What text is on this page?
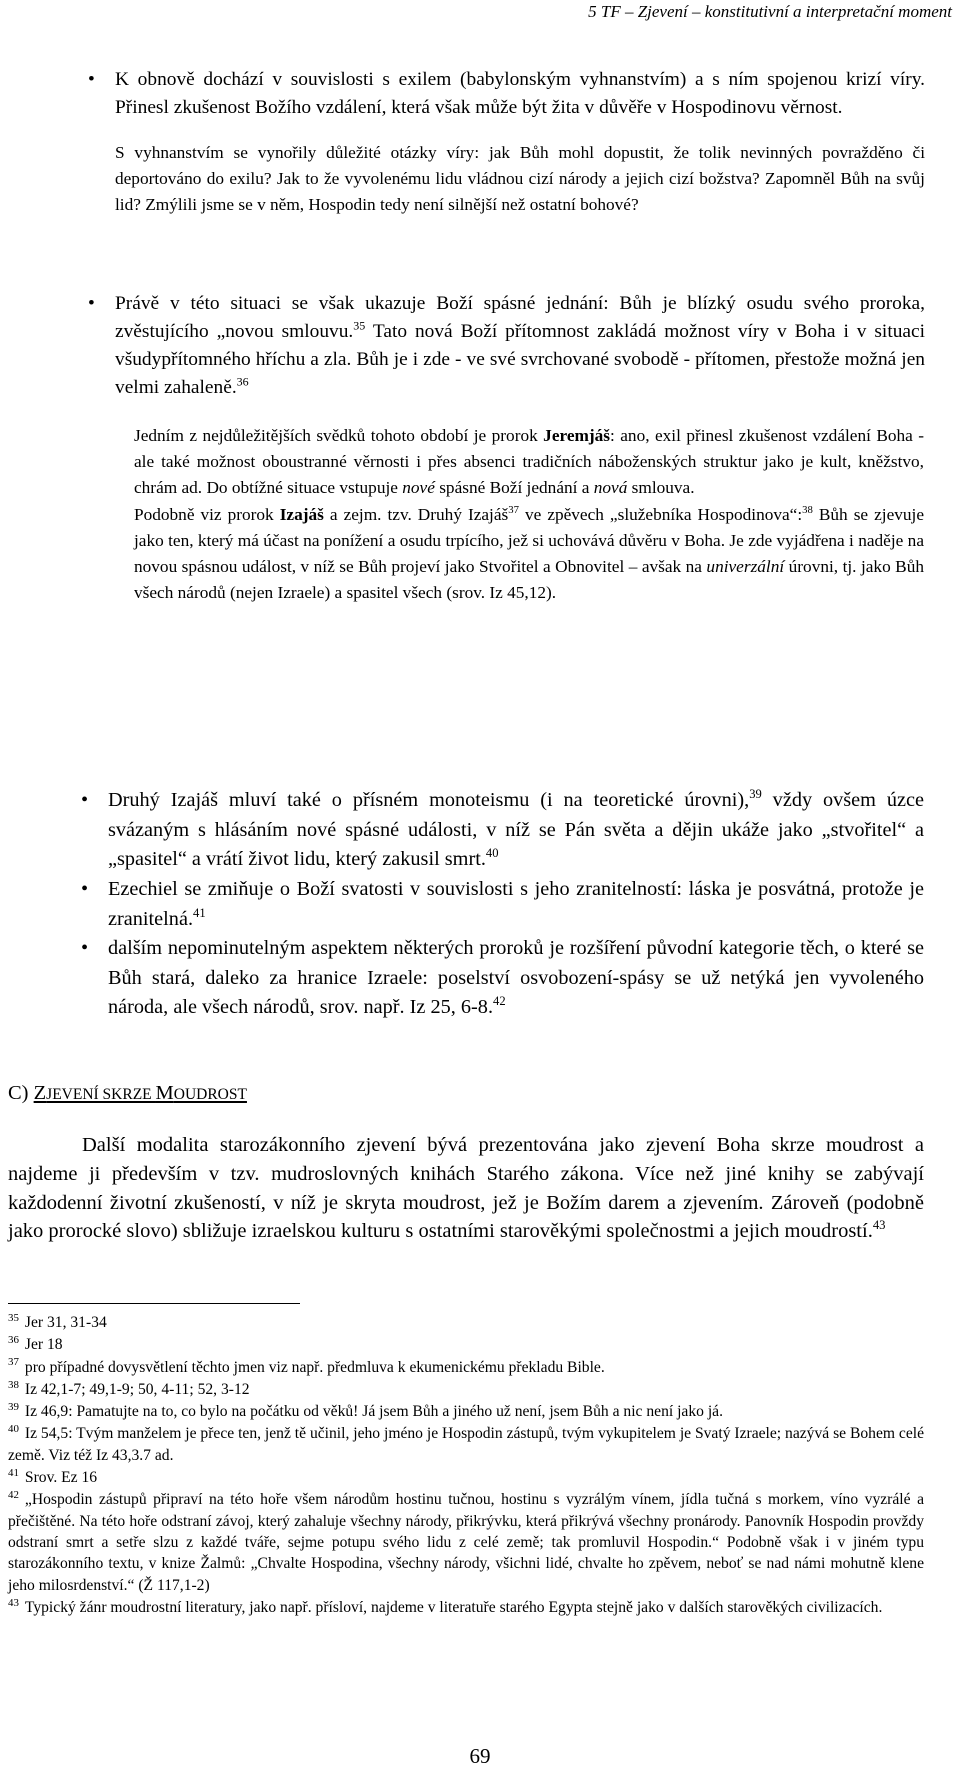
5 TF – Zjevení – konstitutivní a interpretační moment
• K obnově dochází v souvislosti s exilem (babylonským vyhnanstvím) a s ním spojenou krizí víry. Přinesl zkušenost Božího vzdálení, která však může být žita v důvěře v Hospodinovu věrnost.
S vyhnanstvím se vynořily důležité otázky víry: jak Bůh mohl dopustit, že tolik nevinných povražděno či deportováno do exilu? Jak to že vyvolenému lidu vládnou cizí národy a jejich cizí božstva? Zapomněl Bůh na svůj lid? Zmýlili jsme se v něm, Hospodin tedy není silnější než ostatní bohové?
• Právě v této situaci se však ukazuje Boží spásné jednání: Bůh je blízký osudu svého proroka, zvěstujícího „novou smlouvu.$^{35}$ Tato nová Boží přítomnost zakládá možnost víry v Boha i v situaci všudypřítomného hříchu a zla. Bůh je i zde - ve své svrchované svobodě - přítomen, přestože možná jen velmi zahaleně.$^{36}$

Jedním z nejdůležitějších svědků tohoto období je prorok Jeremjáš: ano, exil přinesl zkušenost vzdálení Boha - ale také možnost oboustranné věrnosti i přes absenci tradičních náboženských struktur jako je kult, kněžstvo, chrám ad. Do obtížné situace vstupuje nové spásné Boží jednání a nová smlouva.

Podobně viz prorok Izajáš a zejm. tzv. Druhý Izajáš$^{37}$ ve zpěvech „služebníka Hospodinova“:$^{38}$ Bůh se zjevuje jako ten, který má účast na ponížení a osudu trpícího, jež si uchovává důvěru v Boha. Je zde vyjádřena i naděje na novou spásnou událost, v níž se Bůh projeví jako Stvořitel a Obnovitel – avšak na univerzální úrovni, tj. jako Bůh všech národů (nejen Izraele) a spasitel všech (srov. Iz 45,12).

• Druhý Izajáš mluví také o přísném monoteismu (i na teoretické úrovni),$^{39}$ vždy ovšem úzce svázaným s hlásáním nové spásné události, v níž se Pán světa a dějin ukáže jako „stvořitel“ a „spasitel“ a vrátí život lidu, který zakusil smrt.$^{40}$
• Ezechiel se zmiňuje o Boží svatosti v souvislosti s jeho zranitelností: láska je posvátná, protože je zranitelná.$^{41}$
• dalším nepominutelným aspektem některých proroků je rozšíření původní kategorie těch, o které se Bůh stará, daleko za hranice Izraele: poselství osvobození-spásy se už netýká jen vyvoleného národa, ale všech národů, srov. např. Iz 25, 6-8.42
C) ZJEVENÍ SKRZE MOUDROST
Další modalita starozákonního zjevení bývá prezentována jako zjevení Boha skrze moudrost a najdeme ji především v tzv. mudroslovných knihách Starého zákona. Více než jiné knihy se zabývají každodenní životní zkušeností, v níž je skryta moudrost, jež je Božím darem a zjevením. Zároveň (podobně jako prorocké slovo) sbližuje izraelskou kulturu s ostatními starověkými společnostmi a jejich moudrostí.$^{43}$

$^{35}$ Jer 31, 31-34

$^{36}$ Jer 18

$^{37}$ pro případné dovysvětlení těchto jmen viz např. předmluva k ekumenickému překladu Bible.

$^{38}$ Iz 42,1-7; 49,1-9; 50, 4-11; 52, 3-12

$^{39}$ Iz 46,9: Pamatujte na to, co bylo na počátku od věků! Já jsem Bůh a jiného už není, jsem Bůh a nic není jako já.

$^{40}$ Iz 54,5: Tvým manželem je přece ten, jenž tě učinil, jeho jméno je Hospodin zástupů, tvým vykupitelem je Svatý Izraele; nazývá se Bohem celé země. Viz též Iz 43,3.7 ad.

$^{41}$ Srov. Ez 16

$^{42}$ „Hospodin zástupů připraví na této hoře všem národům hostinu tučnou, hostinu s vyzrálým vínem, jídla tučná s morkem, víno vyzrálé a přečištěné. Na této hoře odstraní závoj, který zahaluje všechny národy, přikrývku, která přikrývá všechny pronárody. Panovník Hospodin provždy odstraní smrt a setře slzu z každé tváře, sejme potupu svého lidu z celé země; tak promluvil Hospodin.“ Podobně však i v jiném typu starozákonního textu, v knize Žalmů: „Chvalte Hospodina, všechny národy, všichni lidé, chvalte ho zpěvem, neboť se nad námi mohutně klene jeho milosrdenství.“ (Ž 117,1-2)

$^{43}$ Typický žánr moudrostní literatury, jako např. přísloví, najdeme v literatuře starého Egypta stejně jako v dalších starověkých civilizacích.

69
